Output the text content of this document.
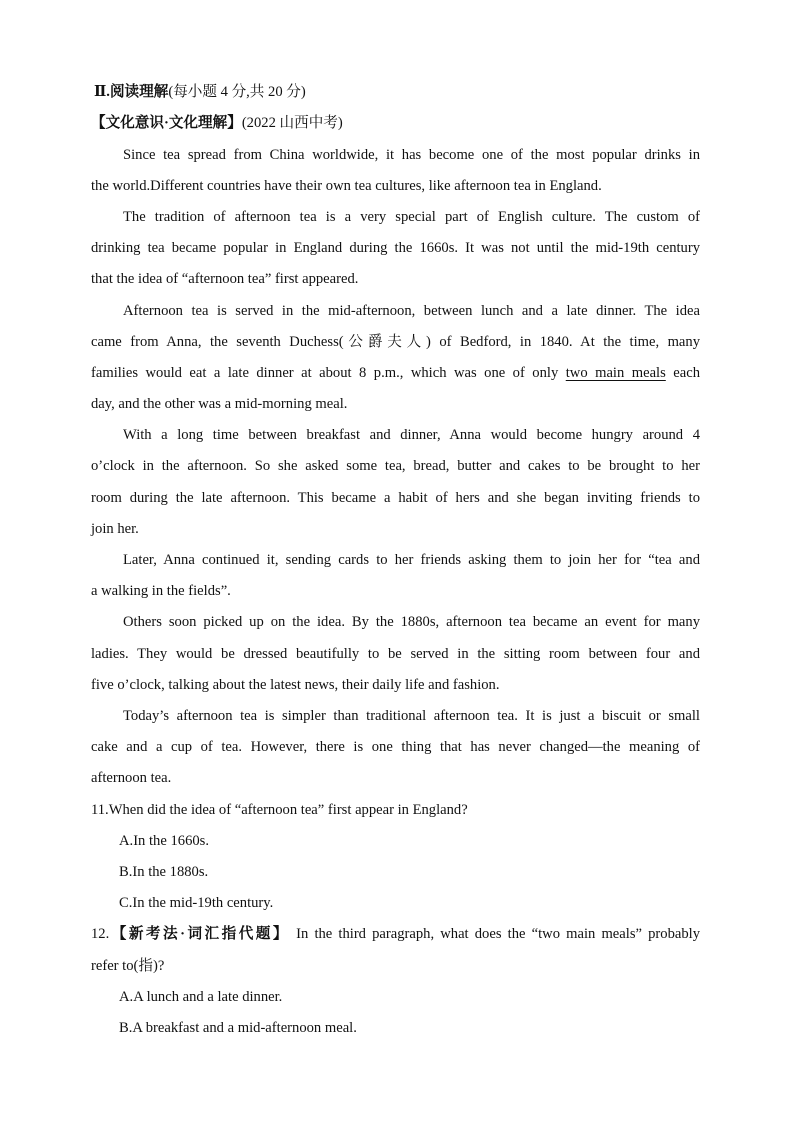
Ⅱ.阅读理解(每小题 4 分,共 20 分)
【文化意识·文化理解】(2022 山西中考)
Since tea spread from China worldwide, it has become one of the most popular drinks in
the world.Different countries have their own tea cultures, like afternoon tea in England.
The tradition of afternoon tea is a very special part of English culture. The custom of
drinking tea became popular in England during the 1660s. It was not until the mid-19th century
that the idea of “afternoon tea” first appeared.
Afternoon tea is served in the mid-afternoon, between lunch and a late dinner. The idea
came from Anna, the seventh Duchess(公爵夫人) of Bedford, in 1840. At the time, many
families would eat a late dinner at about 8 p.m., which was one of only two main meals each
day, and the other was a mid-morning meal.
With a long time between breakfast and dinner, Anna would become hungry around 4
o’clock in the afternoon. So she asked some tea, bread, butter and cakes to be brought to her
room during the late afternoon. This became a habit of hers and she began inviting friends to
join her.
Later, Anna continued it, sending cards to her friends asking them to join her for “tea and
a walking in the fields”.
Others soon picked up on the idea. By the 1880s, afternoon tea became an event for many
ladies. They would be dressed beautifully to be served in the sitting room between four and
five o’clock, talking about the latest news, their daily life and fashion.
Today’s afternoon tea is simpler than traditional afternoon tea. It is just a biscuit or small
cake and a cup of tea. However, there is one thing that has never changed—the meaning of
afternoon tea.
11.When did the idea of “afternoon tea” first appear in England?
A.In the 1660s.
B.In the 1880s.
C.In the mid-19th century.
12.【新考法·词汇指代题】 In the third paragraph, what does the “two main meals” probably
refer to(指)?
A.A lunch and a late dinner.
B.A breakfast and a mid-afternoon meal.
